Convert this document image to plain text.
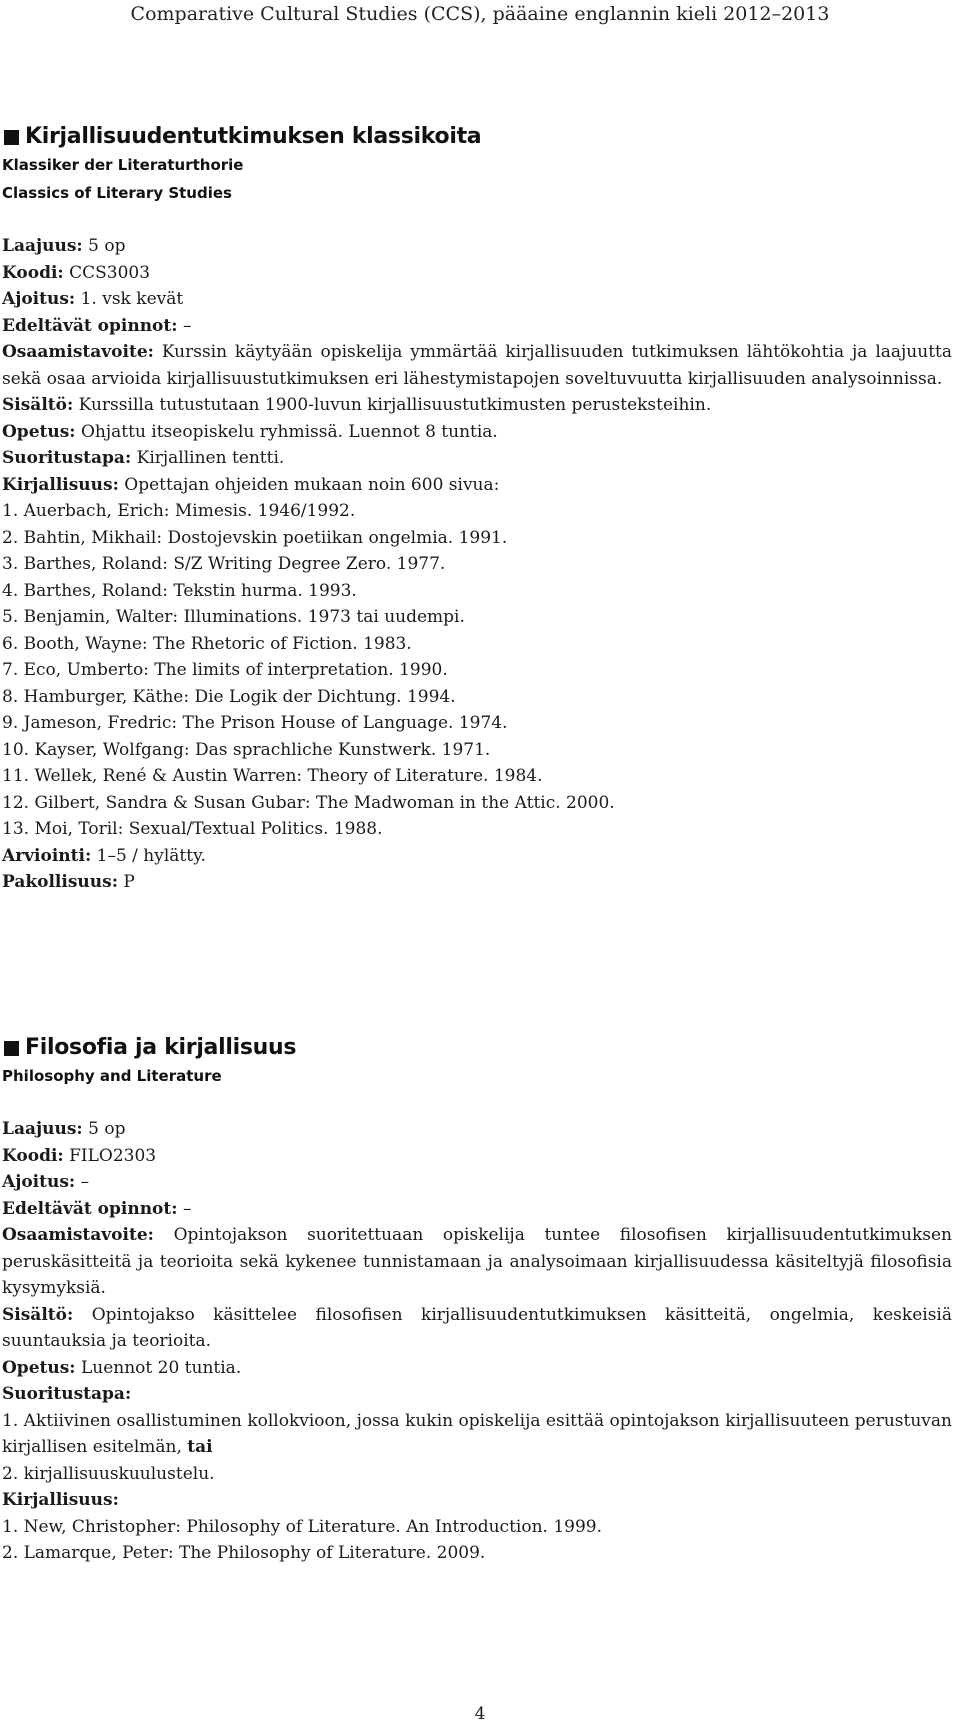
Comparative Cultural Studies (CCS), pääaine englannin kieli 2012–2013
Kirjallisuudentutkimuksen klassikoita
Klassiker der Literaturthorie
Classics of Literary Studies
Laajuus: 5 op
Koodi: CCS3003
Ajoitus: 1. vsk kevät
Edeltävät opinnot: –
Osaamistavoite: Kurssin käytyään opiskelija ymmärtää kirjallisuuden tutkimuksen lähtökohtia ja laajuutta sekä osaa arvioida kirjallisuustutkimuksen eri lähestymistapojen soveltuvuutta kirjallisuuden analysoinnissa.
Sisältö: Kurssilla tutustutaan 1900-luvun kirjallisuustutkimusten perusteksteihin.
Opetus: Ohjattu itseopiskelu ryhmissä. Luennot 8 tuntia.
Suoritustapa: Kirjallinen tentti.
Kirjallisuus: Opettajan ohjeiden mukaan noin 600 sivua:
1. Auerbach, Erich: Mimesis. 1946/1992.
2. Bahtin, Mikhail: Dostojevskin poetiikan ongelmia. 1991.
3. Barthes, Roland: S/Z Writing Degree Zero. 1977.
4. Barthes, Roland: Tekstin hurma. 1993.
5. Benjamin, Walter: Illuminations. 1973 tai uudempi.
6. Booth, Wayne: The Rhetoric of Fiction. 1983.
7. Eco, Umberto: The limits of interpretation. 1990.
8. Hamburger, Käthe: Die Logik der Dichtung. 1994.
9. Jameson, Fredric: The Prison House of Language. 1974.
10. Kayser, Wolfgang: Das sprachliche Kunstwerk. 1971.
11. Wellek, René & Austin Warren: Theory of Literature. 1984.
12. Gilbert, Sandra & Susan Gubar: The Madwoman in the Attic. 2000.
13. Moi, Toril: Sexual/Textual Politics. 1988.
Arviointi: 1–5 / hylätty.
Pakollisuus: P
Filosofia ja kirjallisuus
Philosophy and Literature
Laajuus: 5 op
Koodi: FILO2303
Ajoitus: –
Edeltävät opinnot: –
Osaamistavoite: Opintojakson suoritettuaan opiskelija tuntee filosofisen kirjallisuudentutkimuksen peruskäsitteitä ja teorioita sekä kykenee tunnistamaan ja analysoimaan kirjallisuudessa käsiteltyjä filosofisia kysymyksiä.
Sisältö: Opintojakso käsittelee filosofisen kirjallisuudentutkimuksen käsitteitä, ongelmia, keskeisiä suuntauksia ja teorioita.
Opetus: Luennot 20 tuntia.
Suoritustapa:
1. Aktiivinen osallistuminen kollokvioon, jossa kukin opiskelija esittää opintojakson kirjallisuuteen perustuvan kirjallisen esitelmän, tai
2. kirjallisuuskuulustelu.
Kirjallisuus:
1. New, Christopher: Philosophy of Literature. An Introduction. 1999.
2. Lamarque, Peter: The Philosophy of Literature. 2009.
4
